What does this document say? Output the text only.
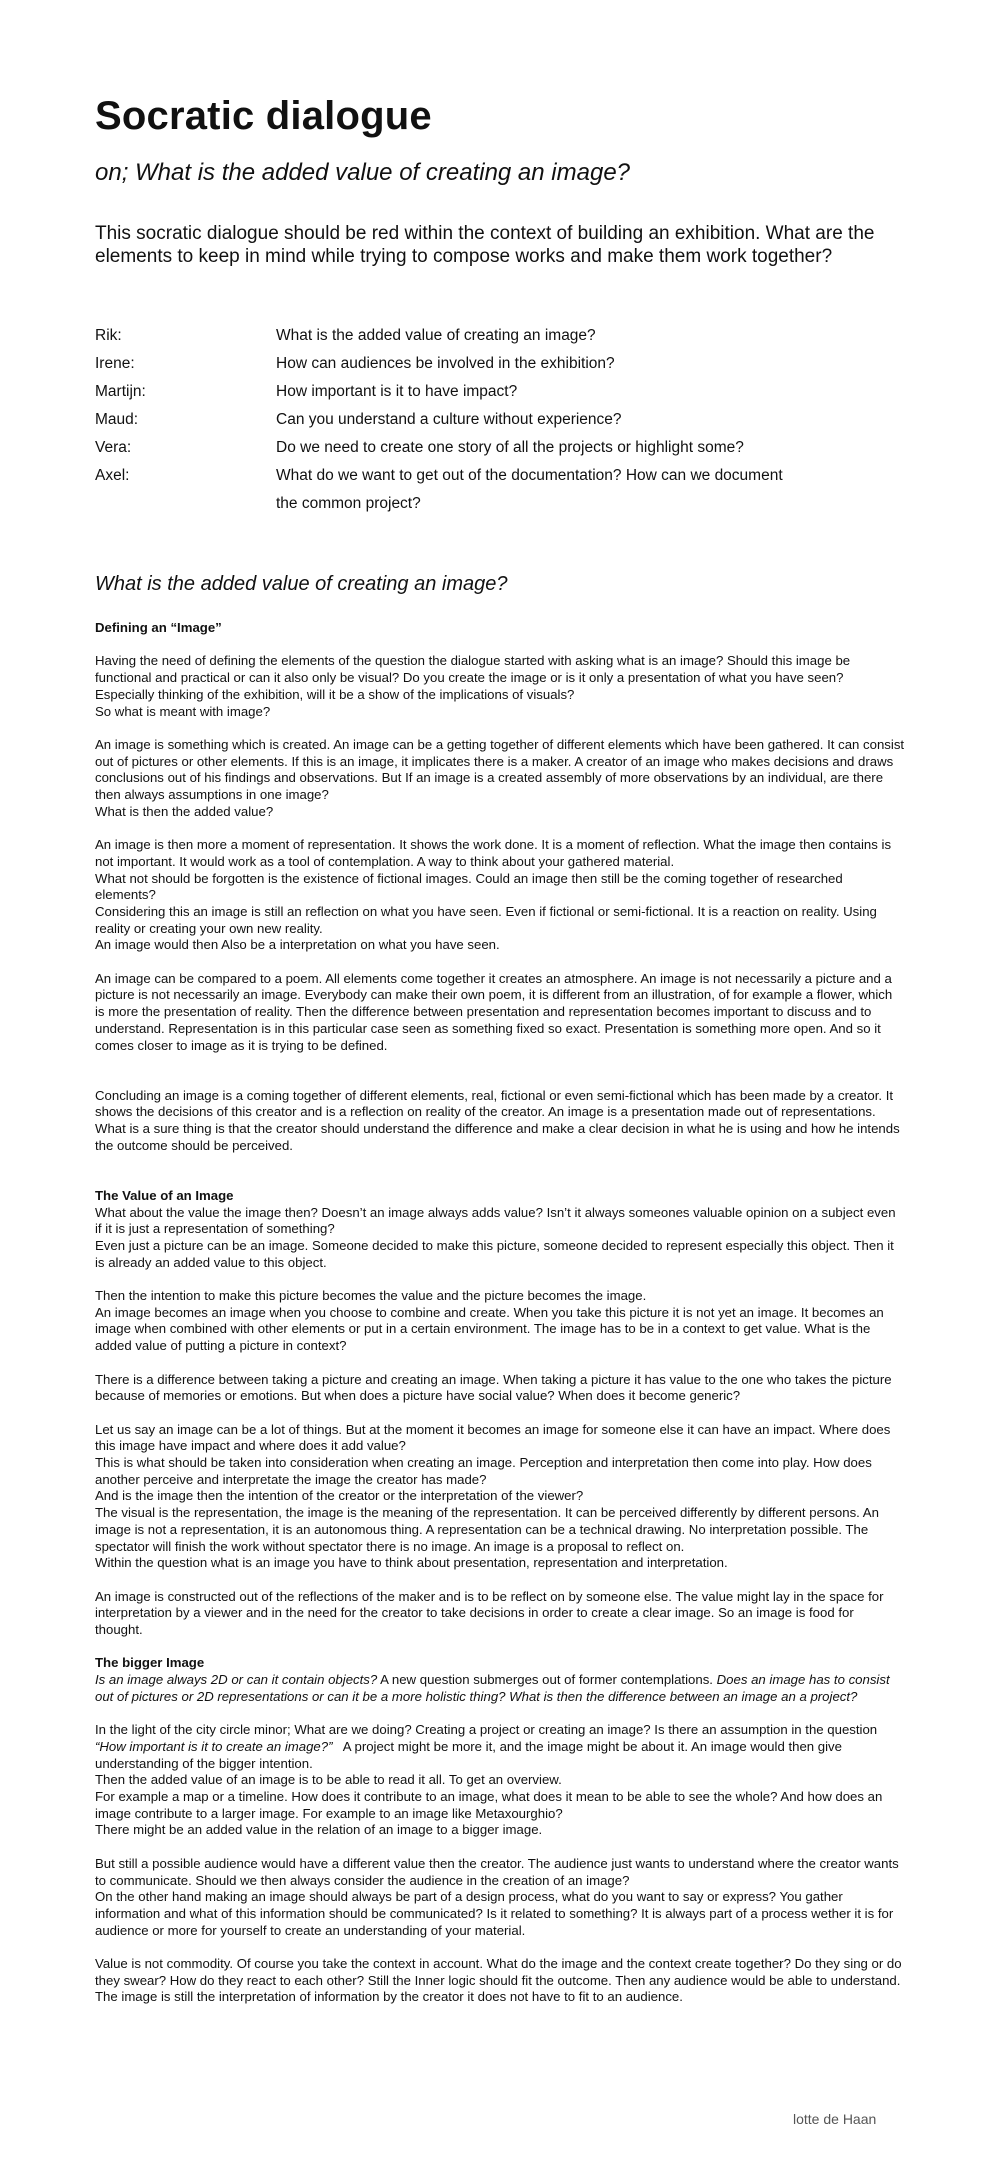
Socratic dialogue
on; What is the added value of creating an image?

This socratic dialogue should be red within the context of building an exhibition. What are the elements to keep in mind while trying to compose works and make them work together?

Rik:	What is the added value of creating an image?
Irene:	How can audiences be involved in the exhibition?
Martijn:	How important is it to have impact?
Maud:	Can you understand a culture without experience?
Vera:	Do we need to create one story of all the projects or highlight some?
Axel:	What do we want to get out of the documentation? How can we document the common project?
What is the added value of creating an image?

Defining an “Image”

Having the need of defining the elements of the question the dialogue started with asking what is an image? Should this image be functional and practical or can it also only be visual? Do you create the image or is it only a presentation of what you have seen? Especially thinking of the exhibition, will it be a show of the implications of visuals?

So what is meant with image?

An image is something which is created. An image can be a getting together of different elements which have been gathered. It can consist out of pictures or other elements. If this is an image, it implicates there is a maker. A creator of an image who makes decisions and draws conclusions out of his findings and observations. But If an image is a created assembly of more observations by an individual, are there then always assumptions in one image?

What is then the added value?

An image is then more a moment of representation. It shows the work done. It is a moment of reflection. What the image then contains is not important. It would work as a tool of contemplation. A way to think about your gathered material.

What not should be forgotten is the existence of fictional images. Could an image then still be the coming together of researched elements?

Considering this an image is still an reflection on what you have seen. Even if fictional or semi-fictional. It is a reaction on reality. Using reality or creating your own new reality.

An image would then Also be a interpretation on what you have seen.

An image can be compared to a poem. All elements come together it creates an atmosphere. An image is not necessarily a picture and a picture is not necessarily an image. Everybody can make their own poem, it is different from an illustration, of for example a flower, which is more the presentation of reality. Then the difference between presentation and representation becomes important to discuss and to understand. Representation is in this particular case seen as something fixed so exact. Presentation is something more open. And so it comes closer to image as it is trying to be defined.

Concluding an image is a coming together of different elements, real, fictional or even semi-fictional which has been made by a creator. It shows the decisions of this creator and is a reflection on reality of the creator. An image is a presentation made out of representations. What is a sure thing is that the creator should understand the difference and make a clear decision in what he is using and how he intends the outcome should be perceived.

The Value of an Image

What about the value the image then? Doesn’t an image always adds value? Isn’t it always someones valuable opinion on a subject even if it is just a representation of something?

Even just a picture can be an image. Someone decided to make this picture, someone decided to represent especially this object. Then it is already an added value to this object.

Then the intention to make this picture becomes the value and the picture becomes the image.

An image becomes an image when you choose to combine and create. When you take this picture it is not yet an image. It becomes an image when combined with other elements or put in a certain environment. The image has to be in a context to get value. What is the added value of putting a picture in context?

There is a difference between taking a picture and creating an image. When taking a picture it has value to the one who takes the picture because of memories or emotions. But when does a picture have social value? When does it become generic?

Let us say an image can be a lot of things. But at the moment it becomes an image for someone else it can have an impact. Where does this image have impact and where does it add value?

This is what should be taken into consideration when creating an image. Perception and interpretation then come into play. How does another perceive and interpretate the image the creator has made?

And is the image then the intention of the creator or the interpretation of the viewer?

The visual is the representation, the image is the meaning of the representation. It can be perceived differently by different persons. An image is not a representation, it is an autonomous thing. A representation can be a technical drawing. No interpretation possible. The spectator will finish the work without spectator there is no image. An image is a proposal to reflect on.

Within the question what is an image you have to think about presentation, representation and interpretation.

An image is constructed out of the reflections of the maker and is to be reflect on by someone else. The value might lay in the space for interpretation by a viewer and in the need for the creator to take decisions in order to create a clear image. So an image is food for thought.

The bigger Image

Is an image always 2D or can it contain objects? A new question submerges out of former contemplations. Does an image has to consist out of pictures or 2D representations or can it be a more holistic thing? What is then the difference between an image an a project?

In the light of the city circle minor; What are we doing? Creating a project or creating an image? Is there an assumption in the question “How important is it to create an image?”   A project might be more it, and the image might be about it. An image would then give understanding of the bigger intention.

Then the added value of an image is to be able to read it all. To get an overview.

For example a map or a timeline. How does it contribute to an image, what does it mean to be able to see the whole? And how does an image contribute to a larger image. For example to an image like Metaxourghio?

There might be an added value in the relation of an image to a bigger image.

But still a possible audience would have a different value then the creator. The audience just wants to understand where the creator wants to communicate. Should we then always consider the audience in the creation of an image?

On the other hand making an image should always be part of a design process, what do you want to say or express? You gather information and what of this information should be communicated? Is it related to something? It is always part of a process wether it is for audience or more for yourself to create an understanding of your material.

Value is not commodity. Of course you take the context in account. What do the image and the context create together? Do they sing or do they swear? How do they react to each other? Still the Inner logic should fit the outcome. Then any audience would be able to understand. The image is still the interpretation of information by the creator it does not have to fit to an audience.

lotte de Haan
